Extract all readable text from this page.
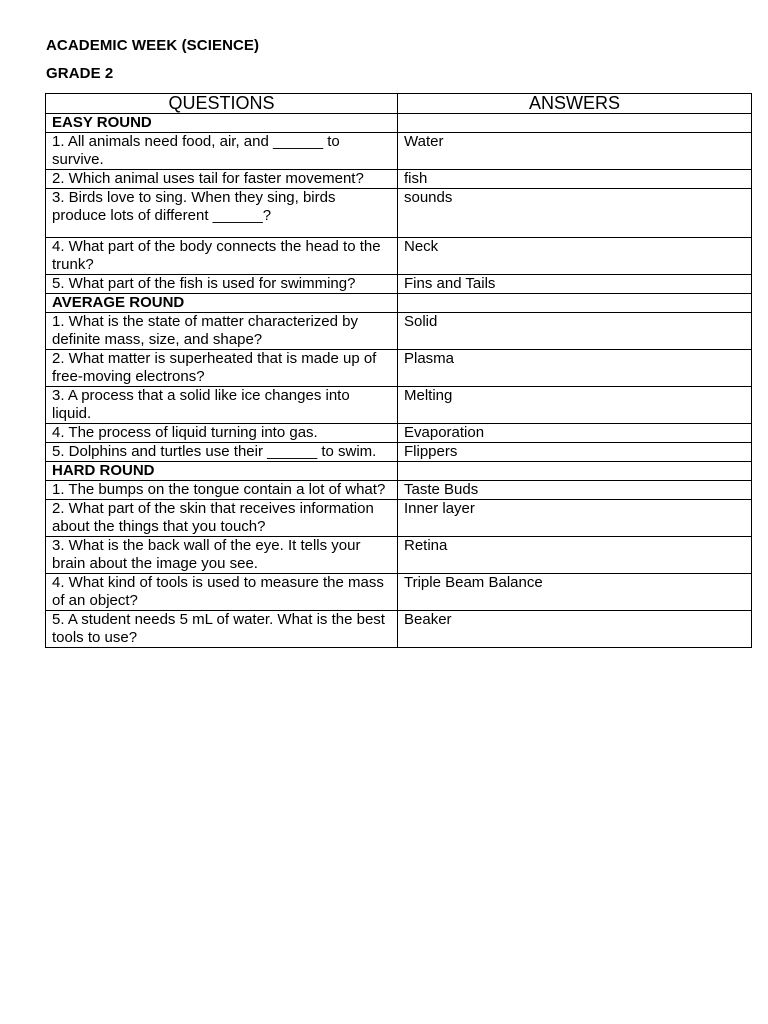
ACADEMIC WEEK (SCIENCE)
GRADE 2
QUESTIONS	ANSWERS
EASY ROUND	
1. All animals need food, air, and ______ to survive.	Water
2. Which animal uses tail for faster movement?	fish
3. Birds love to sing. When they sing, birds produce lots of different ______?	sounds
4. What part of the body connects the head to the trunk?	Neck
5. What part of the fish is used for swimming?	Fins and Tails
AVERAGE ROUND	
1. What is the state of matter characterized by definite mass, size, and shape?	Solid
2. What matter is superheated that is made up of free-moving electrons?	Plasma
3. A process that a solid like ice changes into liquid.	Melting
4. The process of liquid turning into gas.	Evaporation
5. Dolphins and turtles use their ______ to swim.	Flippers
HARD ROUND	
1. The bumps on the tongue contain a lot of what?	Taste Buds
2. What part of the skin that receives information about the things that you touch?	Inner layer
3. What is the back wall of the eye. It tells your brain about the image you see.	Retina
4. What kind of tools is used to measure the mass of an object?	Triple Beam Balance
5. A student needs 5 mL of water. What is the best tools to use?	Beaker
